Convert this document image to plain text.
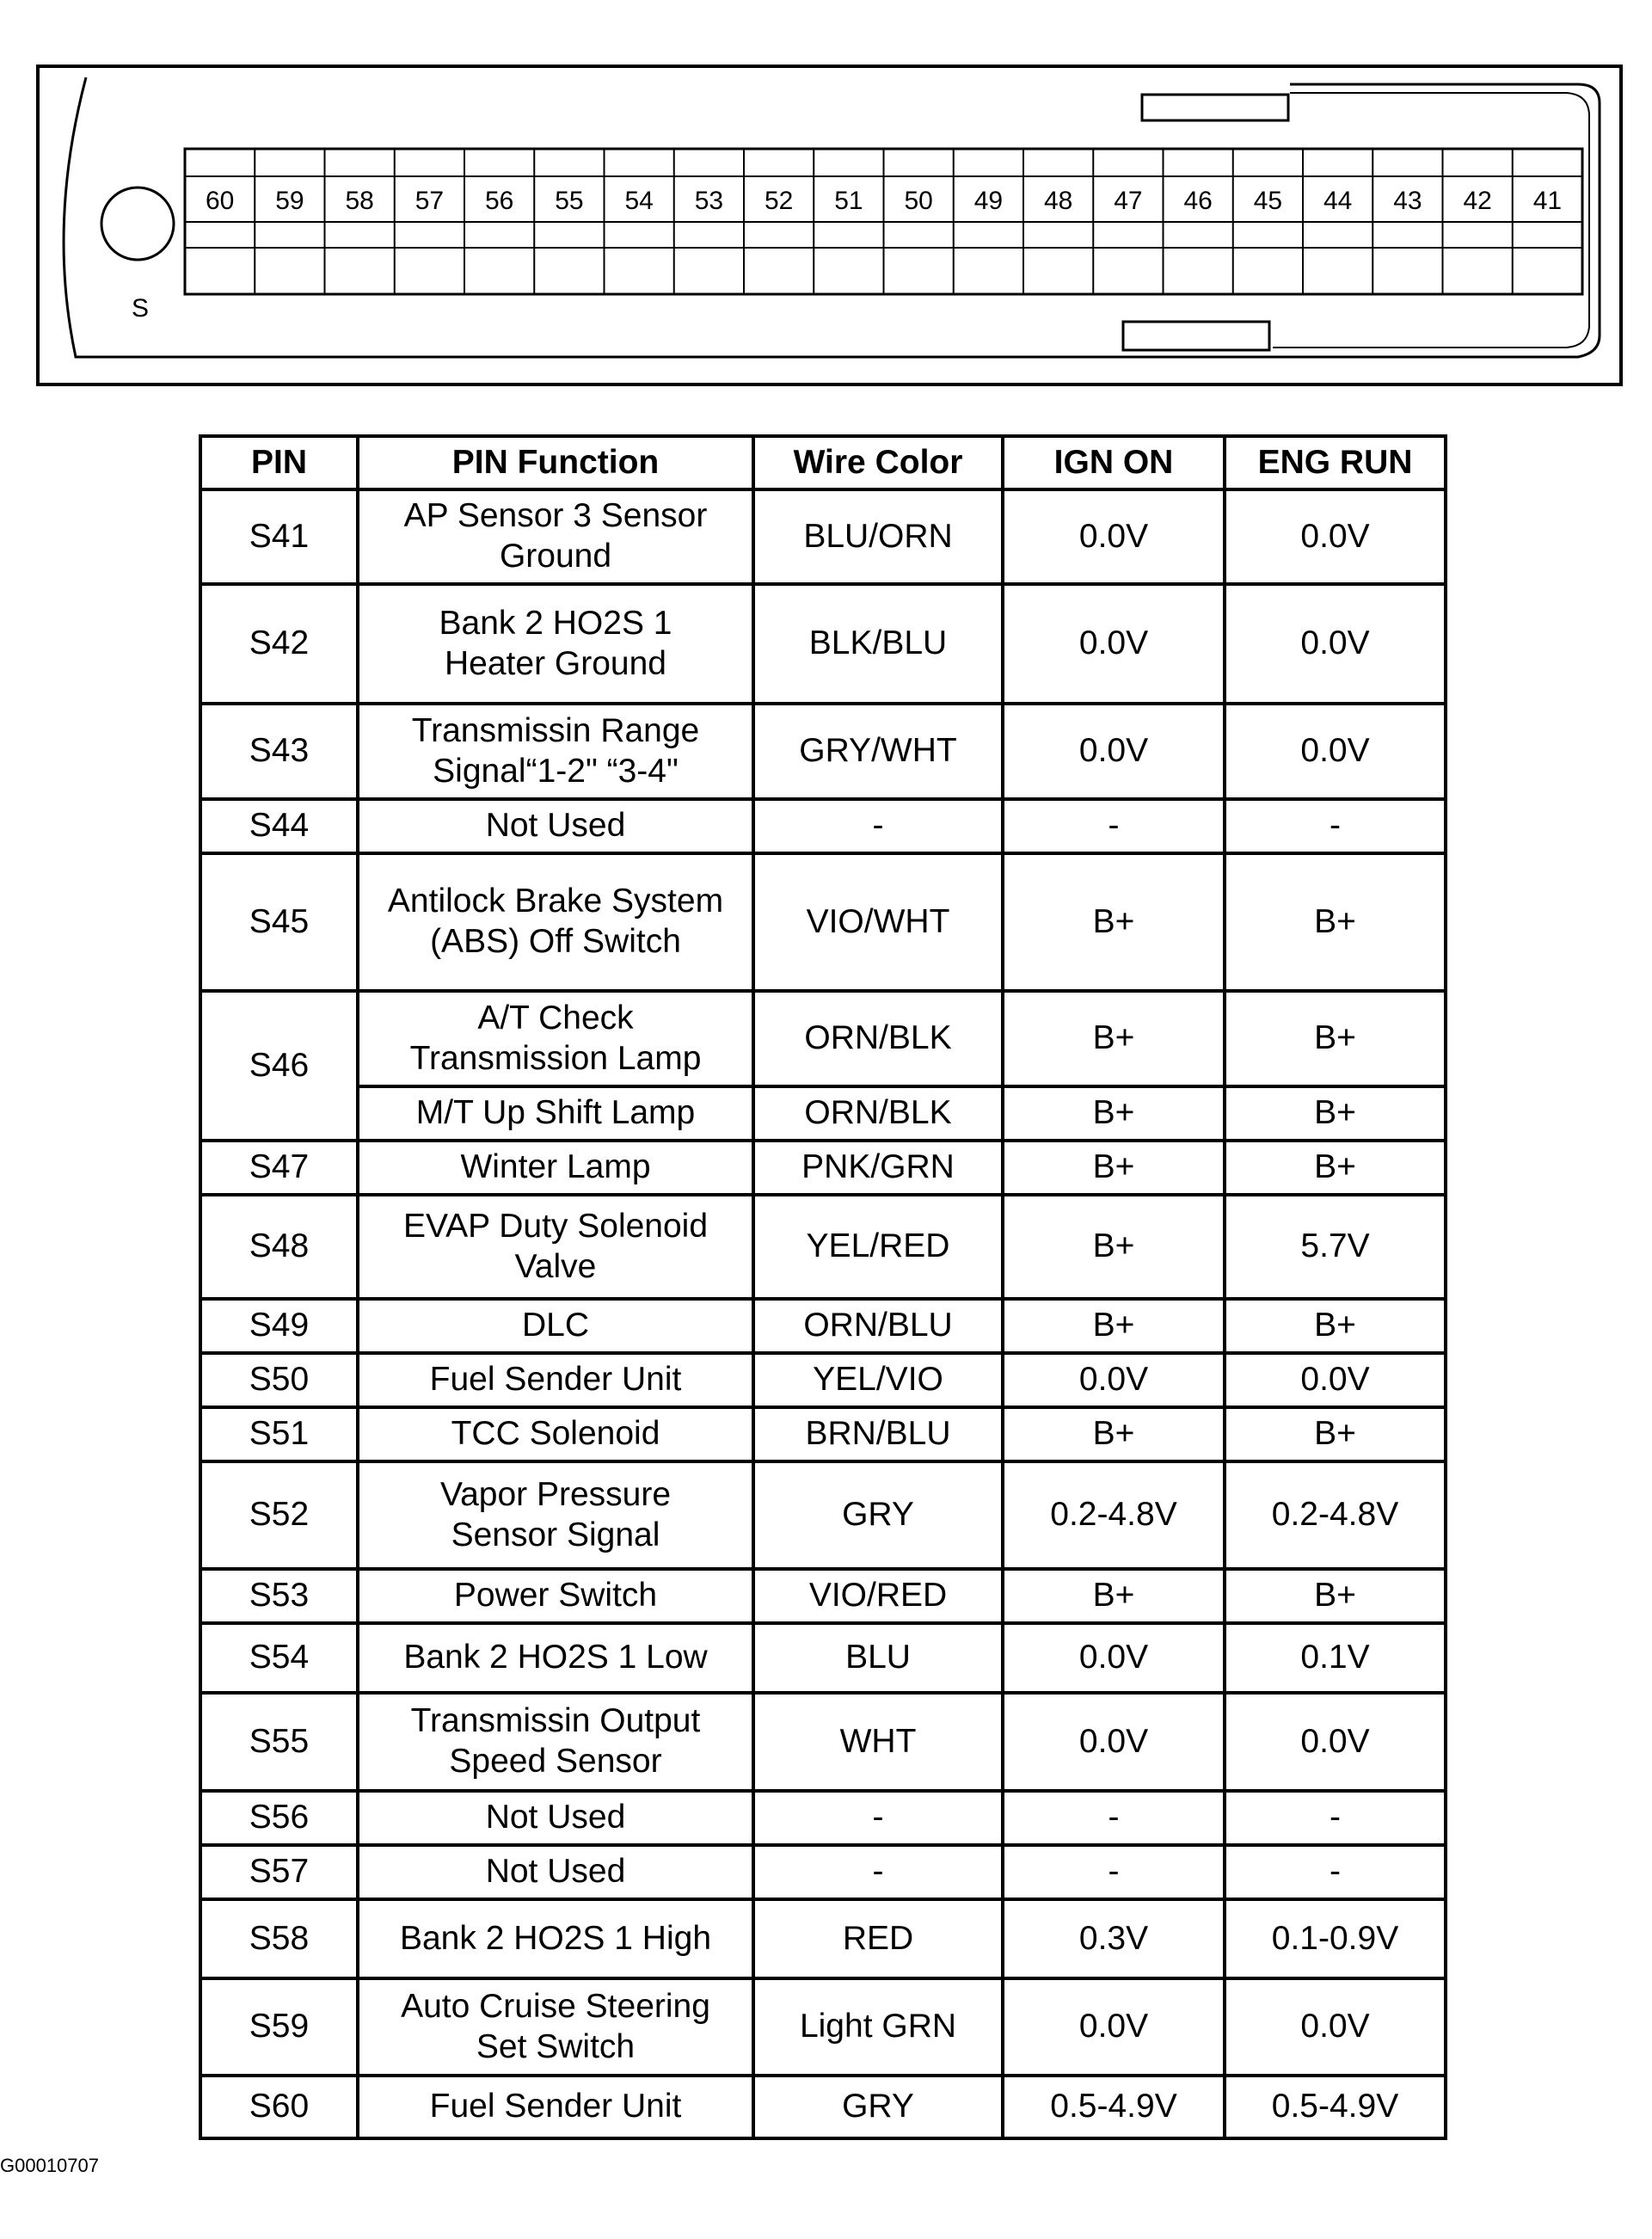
S
60 59 58 57 56 55 54 53 52 51 50 49 48 47 46 45 44 43 42 41
PIN	PIN Function	Wire Color	IGN ON	ENG RUN
S41	AP Sensor 3 Sensor Ground	BLU/ORN	0.0V	0.0V
S42	Bank 2 HO2S 1 Heater Ground	BLK/BLU	0.0V	0.0V
S43	Transmissin Range Signal“1-2" “3-4"	GRY/WHT	0.0V	0.0V
S44	Not Used	-	-	-
S45	Antilock Brake System (ABS) Off Switch	VIO/WHT	B+	B+
S46	A/T Check Transmission Lamp	ORN/BLK	B+	B+
	M/T Up Shift Lamp	ORN/BLK	B+	B+
S47	Winter Lamp	PNK/GRN	B+	B+
S48	EVAP Duty Solenoid Valve	YEL/RED	B+	5.7V
S49	DLC	ORN/BLU	B+	B+
S50	Fuel Sender Unit	YEL/VIO	0.0V	0.0V
S51	TCC Solenoid	BRN/BLU	B+	B+
S52	Vapor Pressure Sensor Signal	GRY	0.2-4.8V	0.2-4.8V
S53	Power Switch	VIO/RED	B+	B+
S54	Bank 2 HO2S 1 Low	BLU	0.0V	0.1V
S55	Transmissin Output Speed Sensor	WHT	0.0V	0.0V
S56	Not Used	-	-	-
S57	Not Used	-	-	-
S58	Bank 2 HO2S 1 High	RED	0.3V	0.1-0.9V
S59	Auto Cruise Steering Set Switch	Light GRN	0.0V	0.0V
S60	Fuel Sender Unit	GRY	0.5-4.9V	0.5-4.9V
G00010707
